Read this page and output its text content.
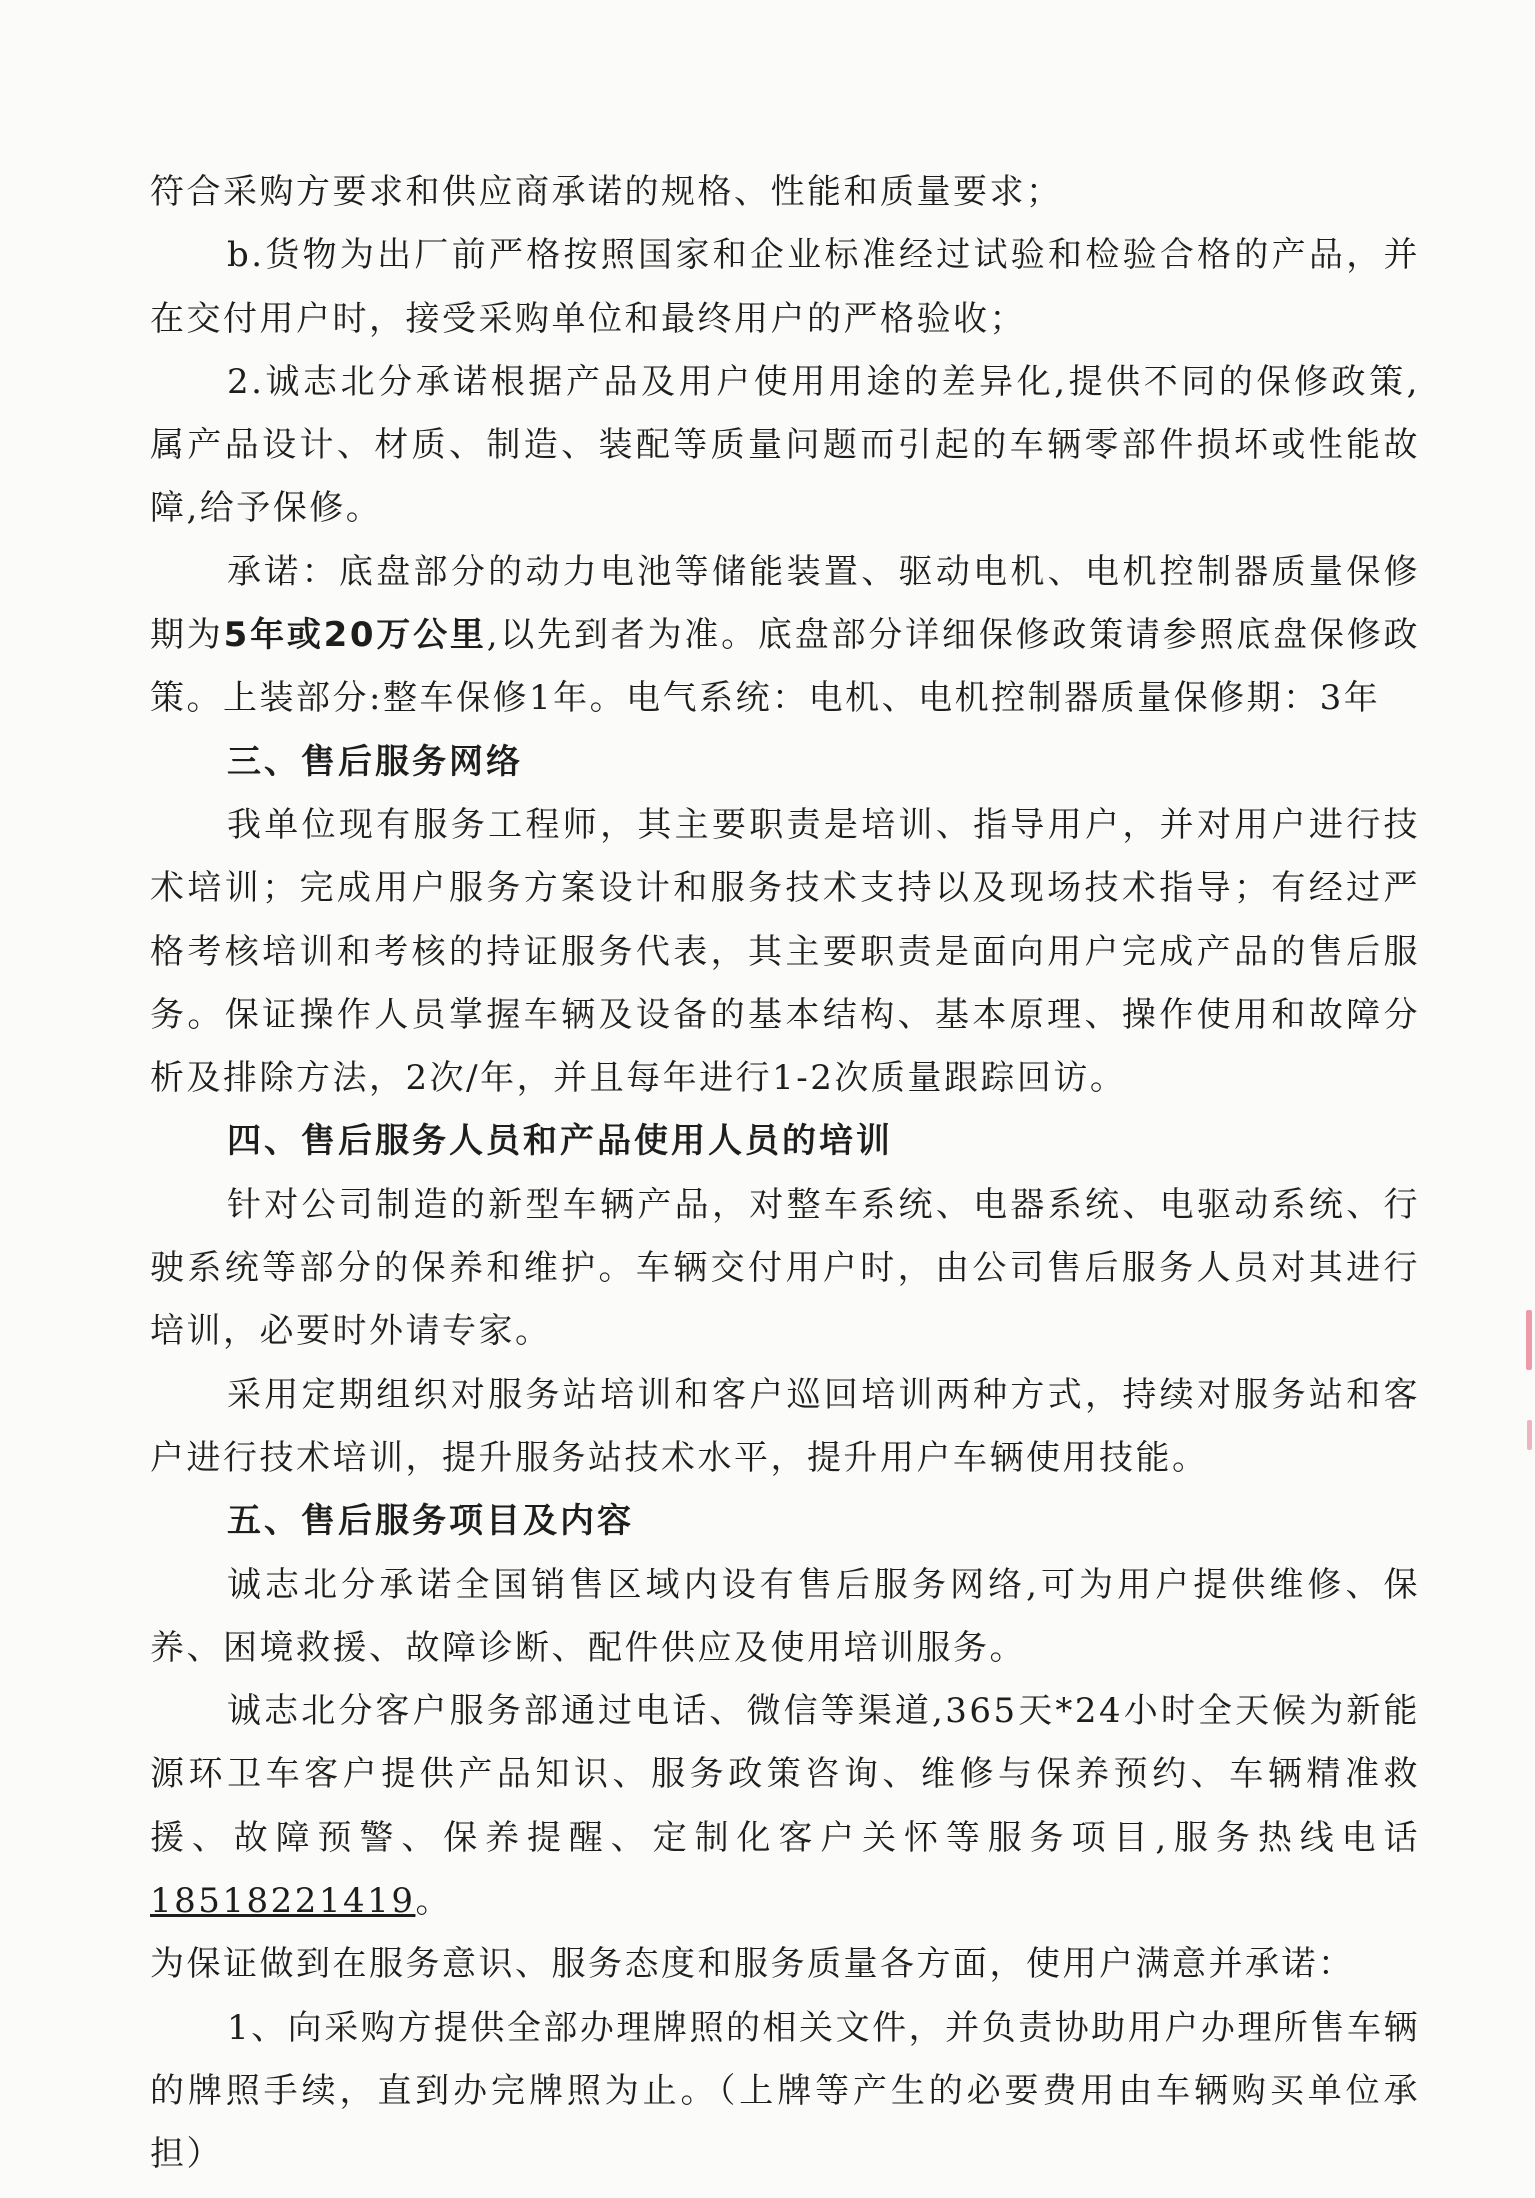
符合采购方要求和供应商承诺的规格、性能和质量要求；

b.货物为出厂前严格按照国家和企业标准经过试验和检验合格的产品，并在交付用户时，接受采购单位和最终用户的严格验收；

2.诚志北分承诺根据产品及用户使用用途的差异化,提供不同的保修政策,属产品设计、材质、制造、装配等质量问题而引起的车辆零部件损坏或性能故障,给予保修。

承诺：底盘部分的动力电池等储能装置、驱动电机、电机控制器质量保修期为5年或20万公里,以先到者为准。底盘部分详细保修政策请参照底盘保修政策。上装部分:整车保修1年。电气系统：电机、电机控制器质量保修期：3年

三、售后服务网络

我单位现有服务工程师，其主要职责是培训、指导用户，并对用户进行技术培训；完成用户服务方案设计和服务技术支持以及现场技术指导；有经过严格考核培训和考核的持证服务代表，其主要职责是面向用户完成产品的售后服务。保证操作人员掌握车辆及设备的基本结构、基本原理、操作使用和故障分析及排除方法，2次/年，并且每年进行1-2次质量跟踪回访。

四、售后服务人员和产品使用人员的培训

针对公司制造的新型车辆产品，对整车系统、电器系统、电驱动系统、行驶系统等部分的保养和维护。车辆交付用户时，由公司售后服务人员对其进行培训，必要时外请专家。

采用定期组织对服务站培训和客户巡回培训两种方式，持续对服务站和客户进行技术培训，提升服务站技术水平，提升用户车辆使用技能。

五、售后服务项目及内容

诚志北分承诺全国销售区域内设有售后服务网络,可为用户提供维修、保养、困境救援、故障诊断、配件供应及使用培训服务。

诚志北分客户服务部通过电话、微信等渠道,365天*24小时全天候为新能源环卫车客户提供产品知识、服务政策咨询、维修与保养预约、车辆精准救援、故障预警、保养提醒、定制化客户关怀等服务项目,服务热线电话18518221419。

为保证做到在服务意识、服务态度和服务质量各方面，使用户满意并承诺：

1、向采购方提供全部办理牌照的相关文件，并负责协助用户办理所售车辆的牌照手续，直到办完牌照为止。（上牌等产生的必要费用由车辆购买单位承担）
